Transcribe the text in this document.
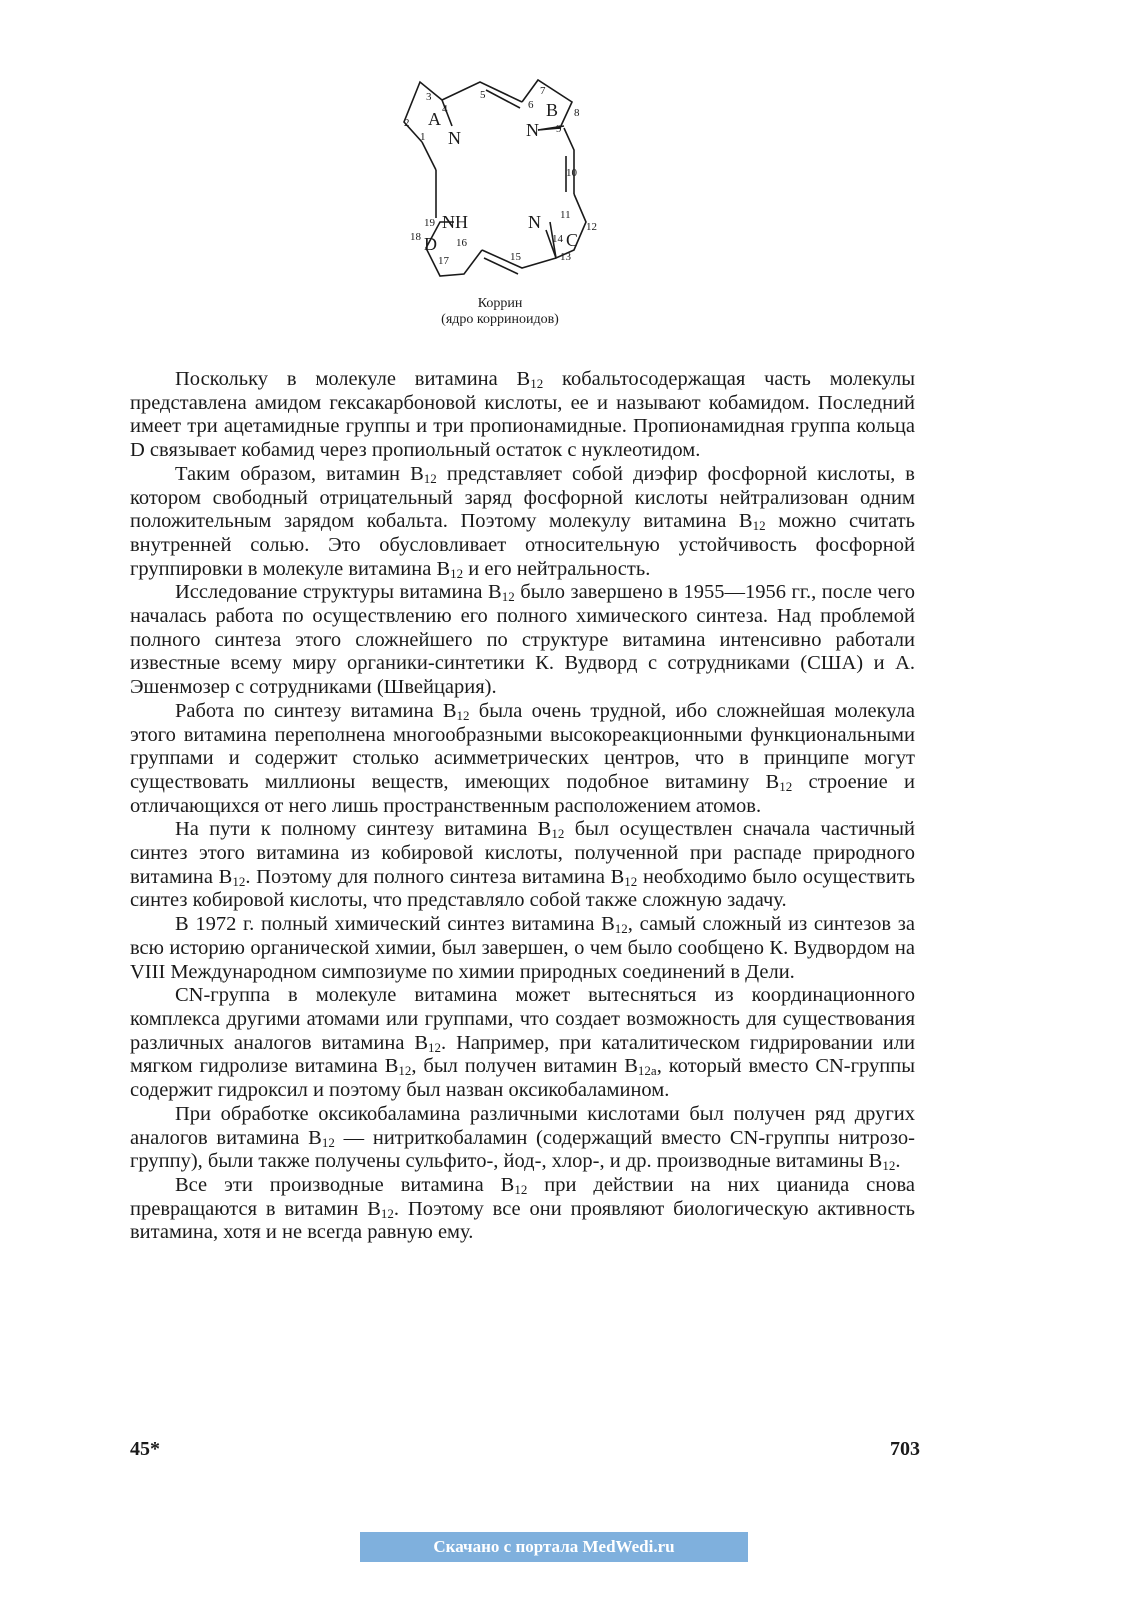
A	B
C
D
N	N
N
NH
1
2
3
4
5
6
7
8
9
10
11
12
13
14
15
16
17
18
19
Коррин
(ядро корриноидов)

Поскольку в молекуле витамина $В_{12}$ кобальтосодержащая часть молекулы представлена амидом гексакарбоновой кислоты, ее и называют кобамидом. Последний имеет три ацетамидные группы и три пропионамидные. Пропионамидная группа кольца D связывает кобамид через пропиольный остаток с нуклеотидом.

Таким образом, витамин $В_{12}$ представляет собой диэфир фосфорной кислоты, в котором свободный отрицательный заряд фосфорной кислоты нейтрализован одним положительным зарядом кобальта. Поэтому молекулу витамина $В_{12}$ можно считать внутренней солью. Это обусловливает относительную устойчивость фосфорной группировки в молекуле витамина $В_{12}$ и его нейтральность.

Исследование структуры витамина $В_{12}$ было завершено в 1955—1956 гг., после чего началась работа по осуществлению его полного химического синтеза. Над проблемой полного синтеза этого сложнейшего по структуре витамина интенсивно работали известные всему миру органики-синтетики К. Вудворд с сотрудниками (США) и А. Эшенмозер с сотрудниками (Швейцария).

Работа по синтезу витамина $В_{12}$ была очень трудной, ибо сложнейшая молекула этого витамина переполнена многообразными высокореакционными функциональными группами и содержит столько асимметрических центров, что в принципе могут существовать миллионы веществ, имеющих подобное витамину $В_{12}$ строение и отличающихся от него лишь пространственным расположением атомов.

На пути к полному синтезу витамина $В_{12}$ был осуществлен сначала частичный синтез этого витамина из кобировой кислоты, полученной при распаде природного витамина $В_{12}$. Поэтому для полного синтеза витамина $В_{12}$ необходимо было осуществить синтез кобировой кислоты, что представляло собой также сложную задачу.

В 1972 г. полный химический синтез витамина $В_{12}$, самый сложный из синтезов за всю историю органической химии, был завершен, о чем было сообщено К. Вудвордом на VIII Международном симпозиуме по химии природных соединений в Дели.

CN-группа в молекуле витамина может вытесняться из координационного комплекса другими атомами или группами, что создает возможность для существования различных аналогов витамина $В_{12}$. Например, при каталитическом гидрировании или мягком гидролизе витамина $В_{12}$, был получен витамин $В_{12а}$, который вместо CN-группы содержит гидроксил и поэтому был назван оксикобаламином.

При обработке оксикобаламина различными кислотами был получен ряд других аналогов витамина $В_{12}$ — нитриткобаламин (содержащий вместо CN-группы нитрозо-группу), были также получены сульфито-, йод-, хлор-, и др. производные витамины $В_{12}$.

Все эти производные витамина $В_{12}$ при действии на них цианида снова превращаются в витамин $В_{12}$. Поэтому все они проявляют биологическую активность витамина, хотя и не всегда равную ему.

45*	703
Скачано с портала MedWedi.ru
